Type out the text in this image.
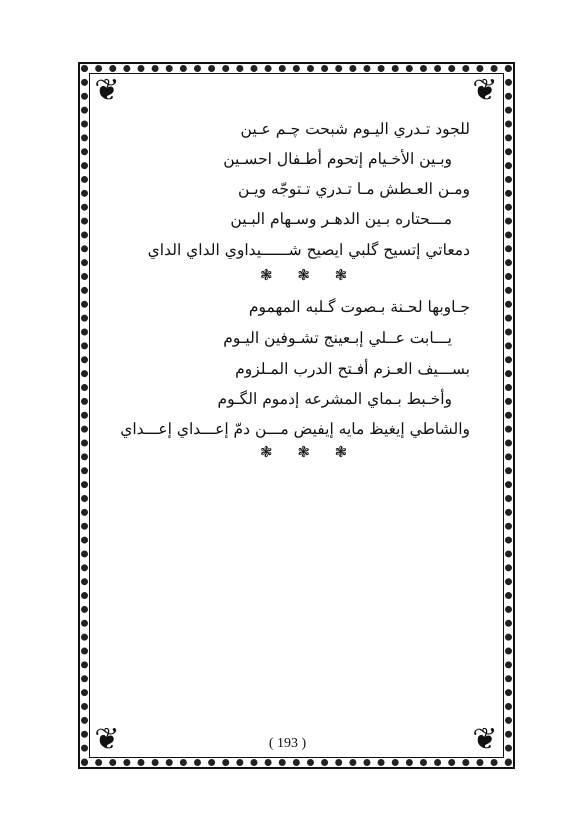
❦	❦
❦	❦
للجود تـدري اليـوم شبحت چـم عـين
وبـين الأخـيام إتحوم أطـفال احسـين
ومـن العـطش مـا تـدري تـتوجّه ويـن
مـــحتاره بـين الدهـر وسـهام البـين
دمعاتي إتسيح گلبي ايصيح شــــــيداوي الداي الداي
❃ ❃ ❃
جـاوبها لحـنة بـصوت گـلبه المهموم
يـــابت عــلي إبـعينج تشـوفين اليـوم
بســـيف العـزم أفـتح الدرب المـلزوم
وأخـبط بـماي المشرعه إدموم الگـوم
والشاطي إيغيظ مايه إيفيض مـــن دمّ إعـــداي إعـــداي
❃ ❃ ❃
( 193 )
